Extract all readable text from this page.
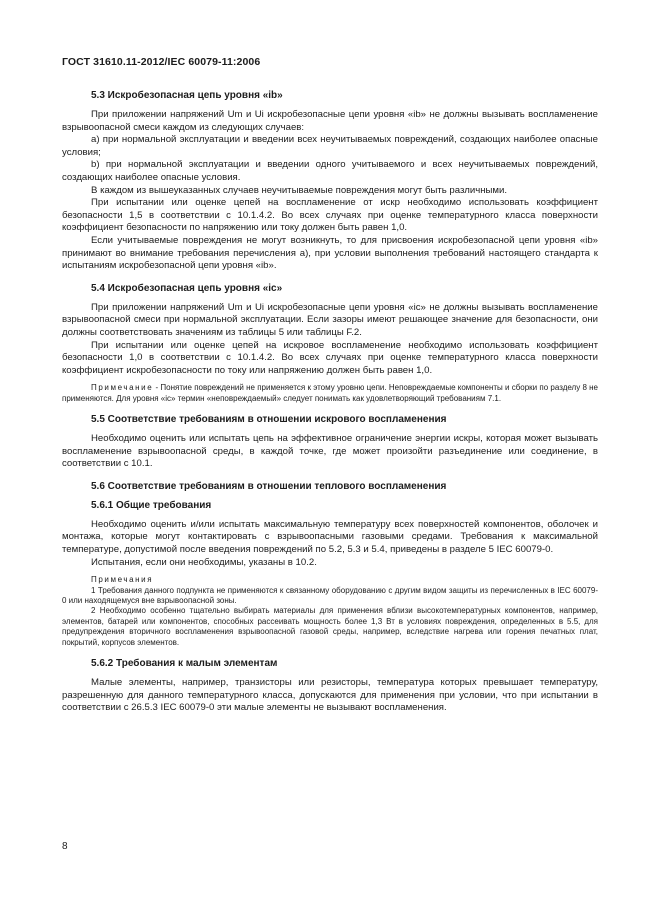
ГОСТ 31610.11-2012/IEC 60079-11:2006
5.3 Искробезопасная цепь уровня «ib»

При приложении напряжений Um и Ui искробезопасные цепи уровня «ib» не должны вызывать воспламенение взрывоопасной смеси каждом из следующих случаев:

а) при нормальной эксплуатации и введении всех неучитываемых повреждений, создающих наиболее опасные условия;

b) при нормальной эксплуатации и введении одного учитываемого и всех неучитываемых повреждений, создающих наиболее опасные условия.

В каждом из вышеуказанных случаев неучитываемые повреждения могут быть различными.

При испытании или оценке цепей на воспламенение от искр необходимо использовать коэффициент безопасности 1,5 в соответствии с 10.1.4.2. Во всех случаях при оценке температурного класса поверхности коэффициент безопасности по напряжению или току должен быть равен 1,0.

Если учитываемые повреждения не могут возникнуть, то для присвоения искробезопасной цепи уровня «ib» принимают во внимание требования перечисления а), при условии выполнения требований настоящего стандарта к испытаниям искробезопасной цепи уровня «ib».

5.4 Искробезопасная цепь уровня «ic»

При приложении напряжений Um и Ui искробезопасные цепи уровня «ic» не должны вызывать воспламенение взрывоопасной смеси при нормальной эксплуатации. Если зазоры имеют решающее значение для безопасности, они должны соответствовать значениям из таблицы 5 или таблицы F.2.

При испытании или оценке цепей на искровое воспламенение необходимо использовать коэффициент безопасности 1,0 в соответствии с 10.1.4.2. Во всех случаях при оценке температурного класса поверхности коэффициент искробезопасности по току или напряжению должен быть равен 1,0.

Примечание - Понятие повреждений не применяется к этому уровню цепи. Неповреждаемые компоненты и сборки по разделу 8 не применяются. Для уровня «ic» термин «неповреждаемый» следует понимать как удовлетворяющий требованиям 7.1.

5.5 Соответствие требованиям в отношении искрового воспламенения

Необходимо оценить или испытать цепь на эффективное ограничение энергии искры, которая может вызывать воспламенение взрывоопасной среды, в каждой точке, где может произойти разъединение или соединение, в соответствии с 10.1.

5.6 Соответствие требованиям в отношении теплового воспламенения
5.6.1 Общие требования

Необходимо оценить и/или испытать максимальную температуру всех поверхностей компонентов, оболочек и монтажа, которые могут контактировать с взрывоопасными газовыми средами. Требования к максимальной температуре, допустимой после введения повреждений по 5.2, 5.3 и 5.4, приведены в разделе 5 IEC 60079-0.

Испытания, если они необходимы, указаны в 10.2.

Примечания

1 Требования данного подпункта не применяются к связанному оборудованию с другим видом защиты из перечисленных в IEC 60079-0 или находящемуся вне взрывоопасной зоны.

2 Необходимо особенно тщательно выбирать материалы для применения вблизи высокотемпературных компонентов, например, элементов, батарей или компонентов, способных рассеивать мощность более 1,3 Вт в условиях повреждения, определенных в 5.5, для предупреждения вторичного воспламенения взрывоопасной газовой среды, например, вследствие нагрева или горения печатных плат, покрытий, корпусов элементов.

5.6.2 Требования к малым элементам

Малые элементы, например, транзисторы или резисторы, температура которых превышает температуру, разрешенную для данного температурного класса, допускаются для применения при условии, что при испытании в соответствии с 26.5.3 IEC 60079-0 эти малые элементы не вызывают воспламенения.

8
